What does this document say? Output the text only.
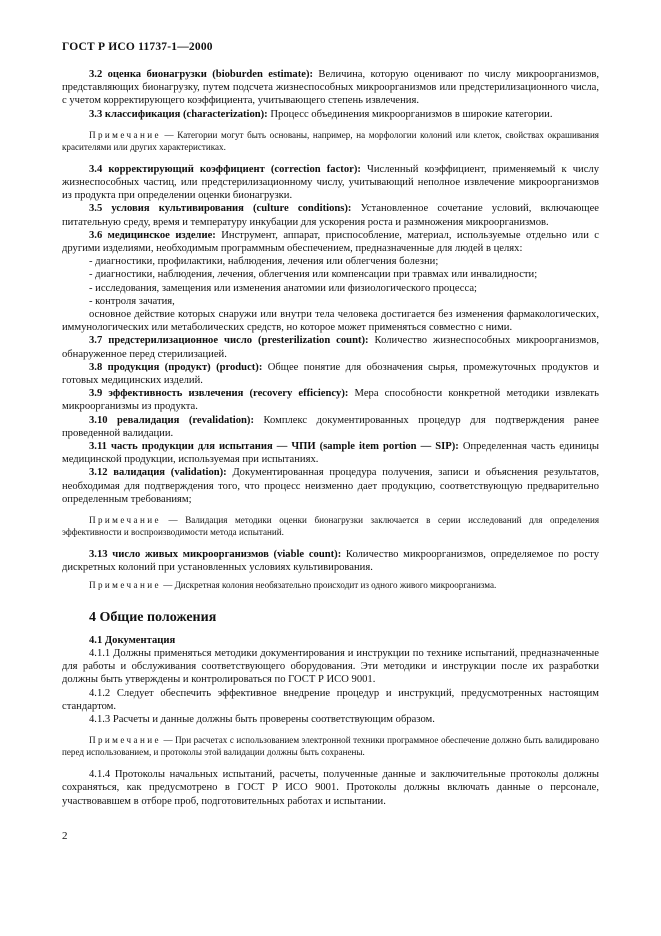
ГОСТ Р ИСО 11737-1—2000

3.2 оценка бионагрузки (bioburden estimate): Величина, которую оценивают по числу микроорганизмов, представляющих бионагрузку, путем подсчета жизнеспособных микроорганизмов или предстерилизационного числа, с учетом корректирующего коэффициента, учитывающего степень извлечения.

3.3 классификация (characterization): Процесс объединения микроорганизмов в широкие категории.

Примечание — Категории могут быть основаны, например, на морфологии колоний или клеток, свойствах окрашивания красителями или других характеристиках.

3.4 корректирующий коэффициент (correction factor): Численный коэффициент, применяемый к числу жизнеспособных частиц, или предстерилизационному числу, учитывающий неполное извлечение микроорганизмов из продукта при определении оценки бионагрузки.

3.5 условия культивирования (culture conditions): Установленное сочетание условий, включающее питательную среду, время и температуру инкубации для ускорения роста и размножения микроорганизмов.

3.6 медицинское изделие: Инструмент, аппарат, приспособление, материал, используемые отдельно или с другими изделиями, необходимым программным обеспечением, предназначенные для людей в целях:

- диагностики, профилактики, наблюдения, лечения или облегчения болезни;

- диагностики, наблюдения, лечения, облегчения или компенсации при травмах или инвалидности;

- исследования, замещения или изменения анатомии или физиологического процесса;

- контроля зачатия,

основное действие которых снаружи или внутри тела человека достигается без изменения фармакологических, иммунологических или метаболических средств, но которое может применяться совместно с ними.

3.7 предстерилизационное число (presterilization count): Количество жизнеспособных микроорганизмов, обнаруженное перед стерилизацией.

3.8 продукция (продукт) (product): Общее понятие для обозначения сырья, промежуточных продуктов и готовых медицинских изделий.

3.9 эффективность извлечения (recovery efficiency): Мера способности конкретной методики извлекать микроорганизмы из продукта.

3.10 ревалидация (revalidation): Комплекс документированных процедур для подтверждения ранее проведенной валидации.

3.11 часть продукции для испытания — ЧПИ (sample item portion — SIP): Определенная часть единицы медицинской продукции, используемая при испытаниях.

3.12 валидация (validation): Документированная процедура получения, записи и объяснения результатов, необходимая для подтверждения того, что процесс неизменно дает продукцию, соответствующую предварительно определенным требованиям;

Примечание — Валидация методики оценки бионагрузки заключается в серии исследований для определения эффективности и воспроизводимости метода испытаний.

3.13 число живых микроорганизмов (viable count): Количество микроорганизмов, определяемое по росту дискретных колоний при установленных условиях культивирования.

Примечание — Дискретная колония необязательно происходит из одного живого микроорганизма.

4 Общие положения
4.1 Документация

4.1.1 Должны применяться методики документирования и инструкции по технике испытаний, предназначенные для работы и обслуживания соответствующего оборудования. Эти методики и инструкции после их разработки должны быть утверждены и контролироваться по ГОСТ Р ИСО 9001.

4.1.2 Следует обеспечить эффективное внедрение процедур и инструкций, предусмотренных настоящим стандартом.

4.1.3 Расчеты и данные должны быть проверены соответствующим образом.

Примечание — При расчетах с использованием электронной техники программное обеспечение должно быть валидировано перед использованием, и протоколы этой валидации должны быть сохранены.

4.1.4 Протоколы начальных испытаний, расчеты, полученные данные и заключительные протоколы должны сохраняться, как предусмотрено в ГОСТ Р ИСО 9001. Протоколы должны включать данные о персонале, участвовавшем в отборе проб, подготовительных работах и испытании.

2
